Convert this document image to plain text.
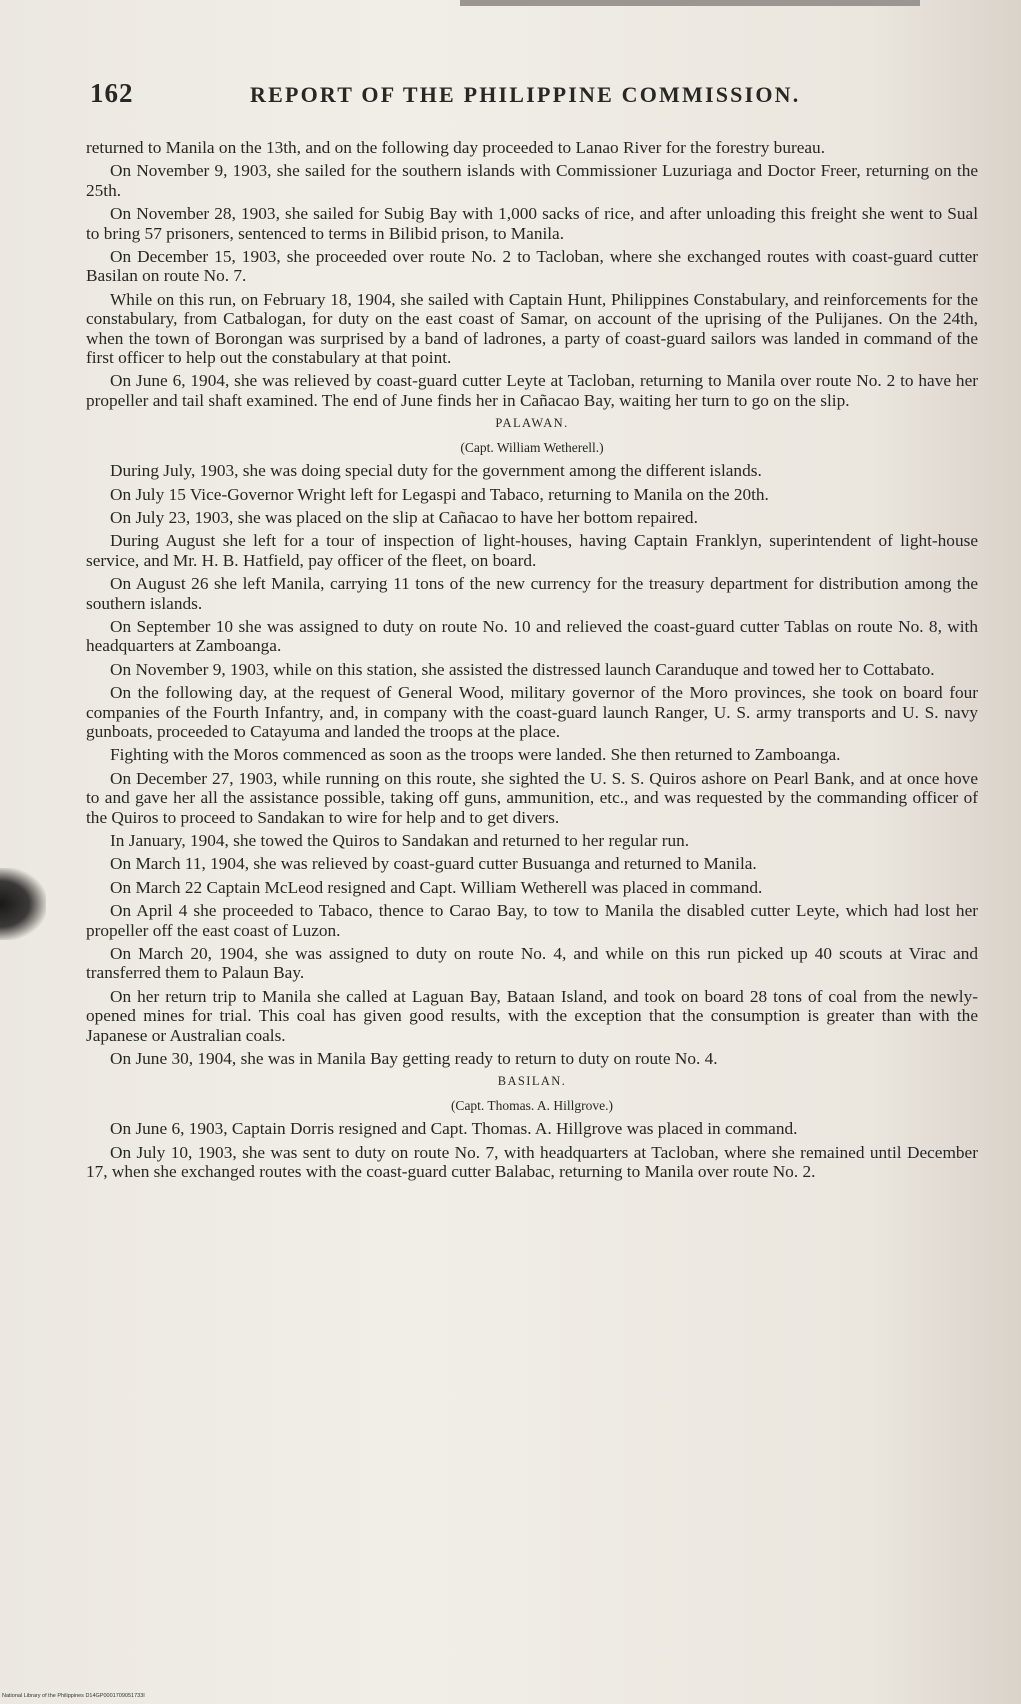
162	REPORT OF THE PHILIPPINE COMMISSION.

returned to Manila on the 13th, and on the following day proceeded to Lanao River for the forestry bureau.

On November 9, 1903, she sailed for the southern islands with Commissioner Luzuriaga and Doctor Freer, returning on the 25th.

On November 28, 1903, she sailed for Subig Bay with 1,000 sacks of rice, and after unloading this freight she went to Sual to bring 57 prisoners, sentenced to terms in Bilibid prison, to Manila.

On December 15, 1903, she proceeded over route No. 2 to Tacloban, where she exchanged routes with coast-guard cutter Basilan on route No. 7.

While on this run, on February 18, 1904, she sailed with Captain Hunt, Philippines Constabulary, and reinforcements for the constabulary, from Catbalogan, for duty on the east coast of Samar, on account of the uprising of the Pulijanes. On the 24th, when the town of Borongan was surprised by a band of ladrones, a party of coast-guard sailors was landed in command of the first officer to help out the constabulary at that point.

On June 6, 1904, she was relieved by coast-guard cutter Leyte at Tacloban, returning to Manila over route No. 2 to have her propeller and tail shaft examined. The end of June finds her in Cañacao Bay, waiting her turn to go on the slip.

PALAWAN.

(Capt. William Wetherell.)

During July, 1903, she was doing special duty for the government among the different islands.

On July 15 Vice-Governor Wright left for Legaspi and Tabaco, returning to Manila on the 20th.

On July 23, 1903, she was placed on the slip at Cañacao to have her bottom repaired.

During August she left for a tour of inspection of light-houses, having Captain Franklyn, superintendent of light-house service, and Mr. H. B. Hatfield, pay officer of the fleet, on board.

On August 26 she left Manila, carrying 11 tons of the new currency for the treasury department for distribution among the southern islands.

On September 10 she was assigned to duty on route No. 10 and relieved the coast-guard cutter Tablas on route No. 8, with headquarters at Zamboanga.

On November 9, 1903, while on this station, she assisted the distressed launch Caranduque and towed her to Cottabato.

On the following day, at the request of General Wood, military governor of the Moro provinces, she took on board four companies of the Fourth Infantry, and, in company with the coast-guard launch Ranger, U. S. army transports and U. S. navy gunboats, proceeded to Catayuma and landed the troops at the place.

Fighting with the Moros commenced as soon as the troops were landed. She then returned to Zamboanga.

On December 27, 1903, while running on this route, she sighted the U. S. S. Quiros ashore on Pearl Bank, and at once hove to and gave her all the assistance possible, taking off guns, ammunition, etc., and was requested by the commanding officer of the Quiros to proceed to Sandakan to wire for help and to get divers.

In January, 1904, she towed the Quiros to Sandakan and returned to her regular run.

On March 11, 1904, she was relieved by coast-guard cutter Busuanga and returned to Manila.

On March 22 Captain McLeod resigned and Capt. William Wetherell was placed in command.

On April 4 she proceeded to Tabaco, thence to Carao Bay, to tow to Manila the disabled cutter Leyte, which had lost her propeller off the east coast of Luzon.

On March 20, 1904, she was assigned to duty on route No. 4, and while on this run picked up 40 scouts at Virac and transferred them to Palaun Bay.

On her return trip to Manila she called at Laguan Bay, Bataan Island, and took on board 28 tons of coal from the newly-opened mines for trial. This coal has given good results, with the exception that the consumption is greater than with the Japanese or Australian coals.

On June 30, 1904, she was in Manila Bay getting ready to return to duty on route No. 4.

BASILAN.

(Capt. Thomas. A. Hillgrove.)

On June 6, 1903, Captain Dorris resigned and Capt. Thomas. A. Hillgrove was placed in command.

On July 10, 1903, she was sent to duty on route No. 7, with headquarters at Tacloban, where she remained until December 17, when she exchanged routes with the coast-guard cutter Balabac, returning to Manila over route No. 2.

National Library of the Philippines D14GP0001709051733I
